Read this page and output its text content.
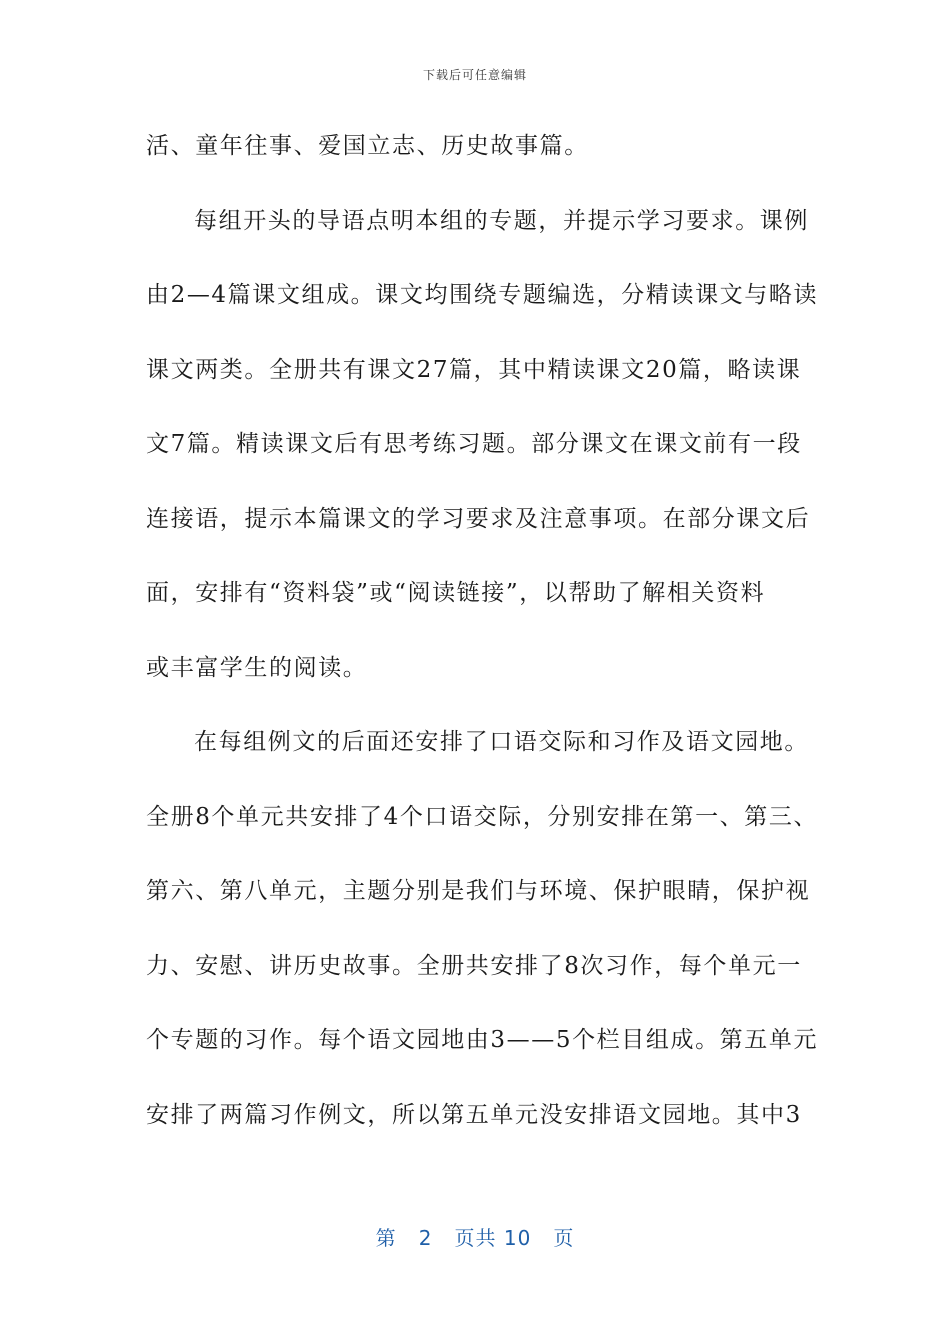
下载后可任意编辑
活、童年往事、爱国立志、历史故事篇。
每组开头的导语点明本组的专题，并提示学习要求。课例
由2—4篇课文组成。课文均围绕专题编选，分精读课文与略读
课文两类。全册共有课文27篇，其中精读课文20篇，略读课
文7篇。精读课文后有思考练习题。部分课文在课文前有一段
连接语，提示本篇课文的学习要求及注意事项。在部分课文后
面，安排有“资料袋”或“阅读链接”，以帮助了解相关资料
或丰富学生的阅读。
在每组例文的后面还安排了口语交际和习作及语文园地。
全册8个单元共安排了4个口语交际，分别安排在第一、第三、
第六、第八单元，主题分别是我们与环境、保护眼睛，保护视
力、安慰、讲历史故事。全册共安排了8次习作，每个单元一
个专题的习作。每个语文园地由3——5个栏目组成。第五单元
安排了两篇习作例文，所以第五单元没安排语文园地。其中3
第 2 页共 10 页
